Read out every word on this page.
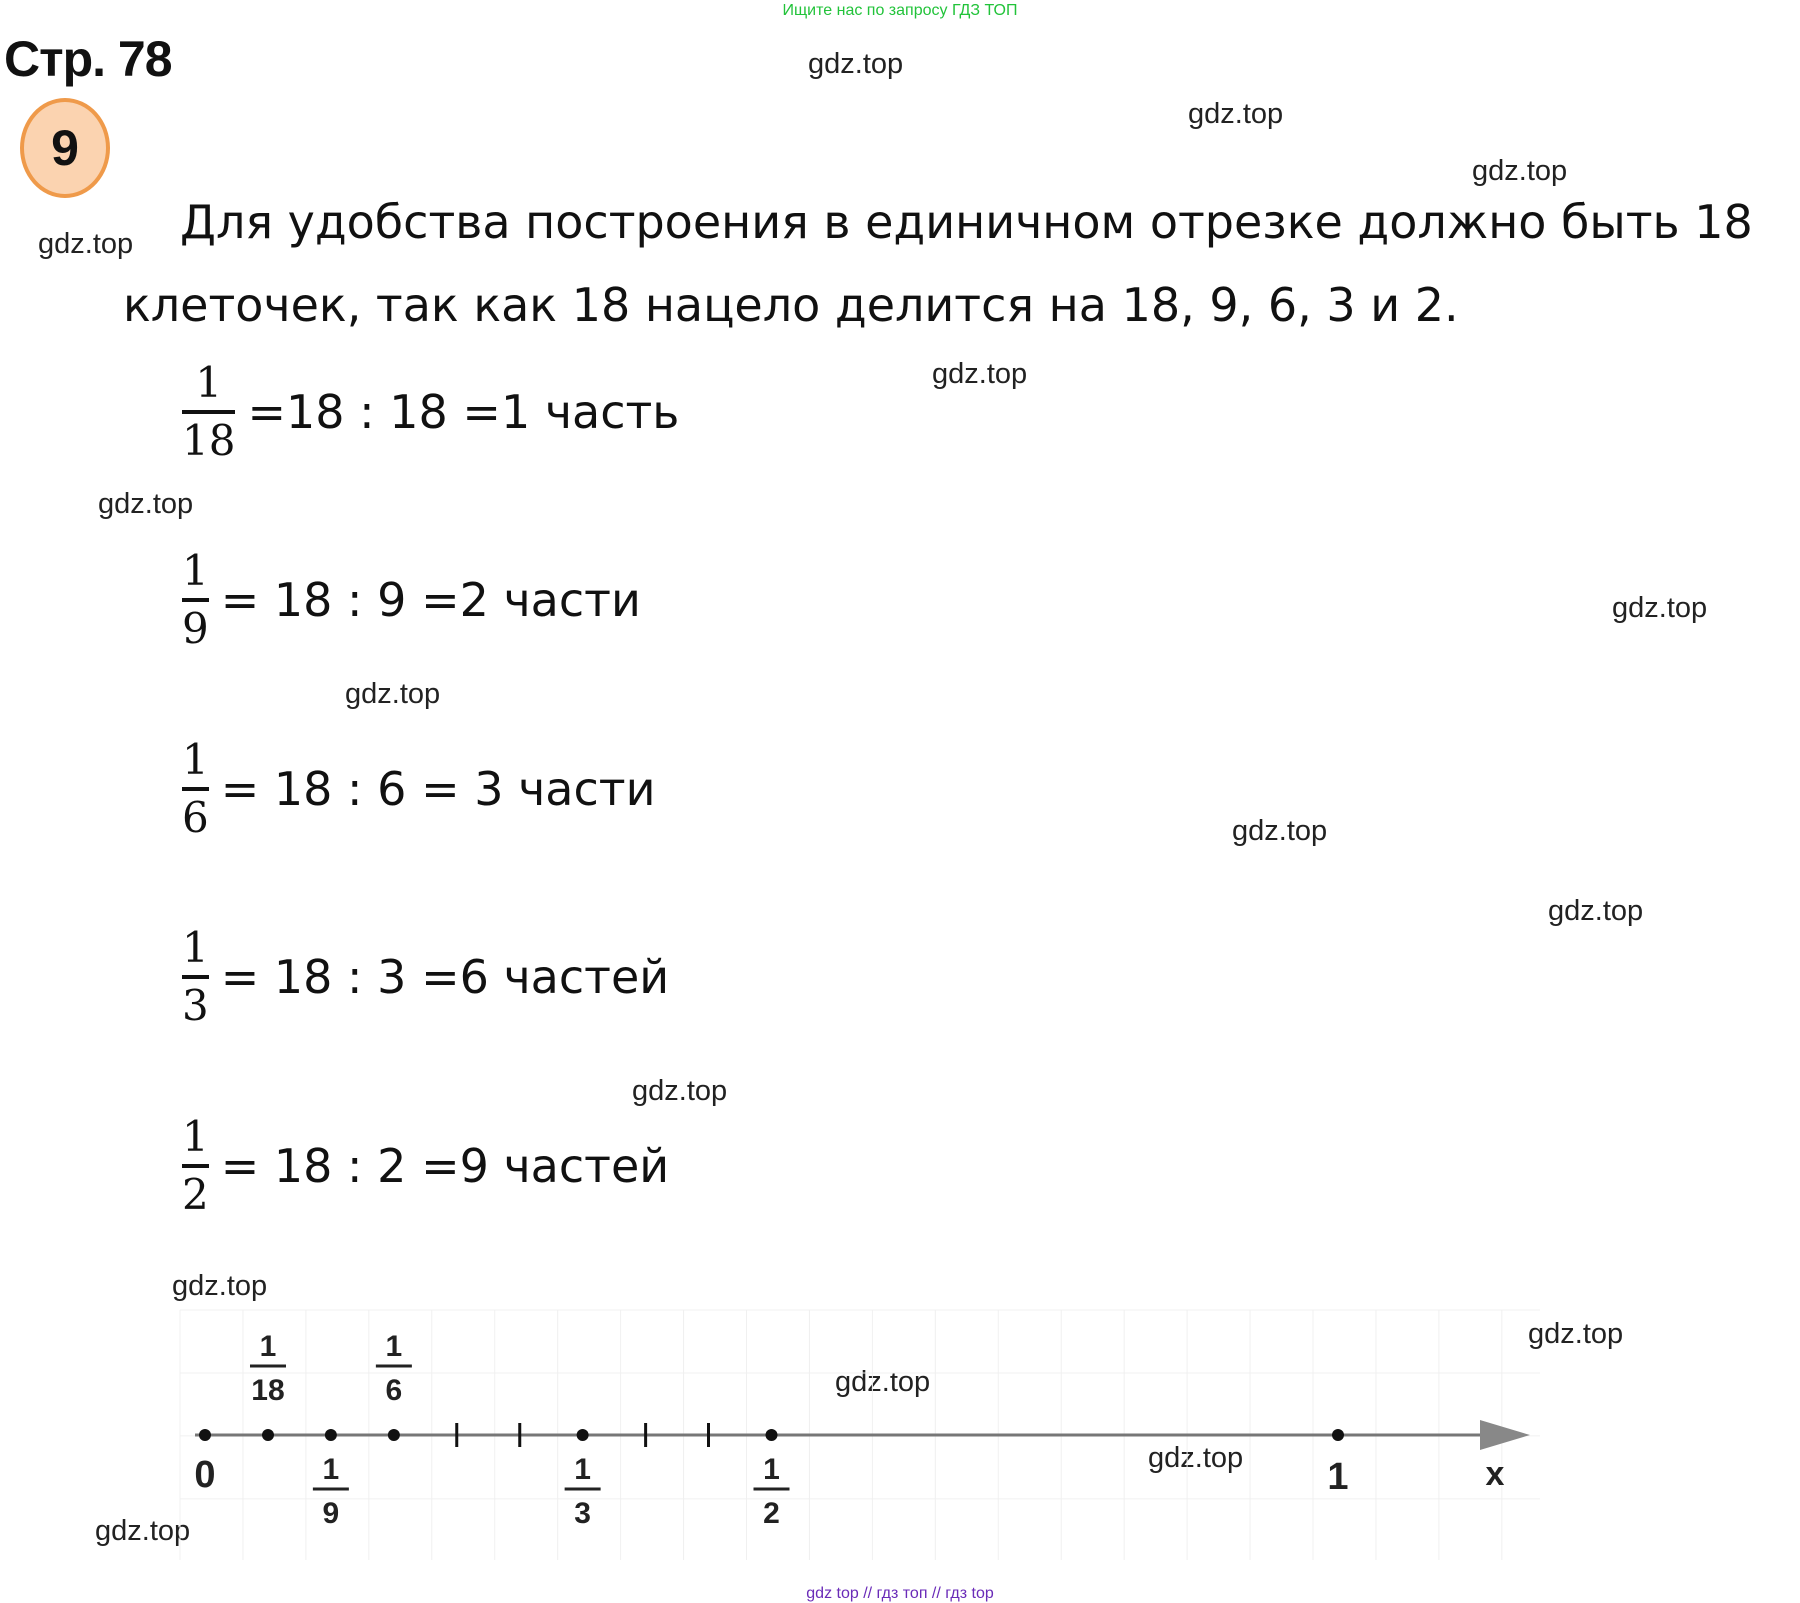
Ищите нас по запросу ГДЗ ТОП
Стр. 78
9
Для удобства построения в единичном отрезке должно быть 18
клеточек, так как 18 нацело делится на 18, 9, 6, 3 и 2.
$\frac{1}{18} =18$ : 18 =1 часть
$\frac{1}{9} = 18$ : 9 =2 части
$\frac{1}{6} = 18$ : 6 = 3 части
$\frac{1}{3} = 18$ : 3 =6 частей
$\frac{1}{2} = 18$ : 2 =9 частей
gdz.top
gdz.top
gdz.top
gdz.top
gdz.top
gdz.top
gdz.top
gdz.top
gdz.top
gdz.top
gdz.top
gdz.top
gdz.top
gdz.top
gdz.top
gdz.top
1
18
1
9
1
6
1
3
1
2
0	1	x
gdz top // гдз топ // гдз top
